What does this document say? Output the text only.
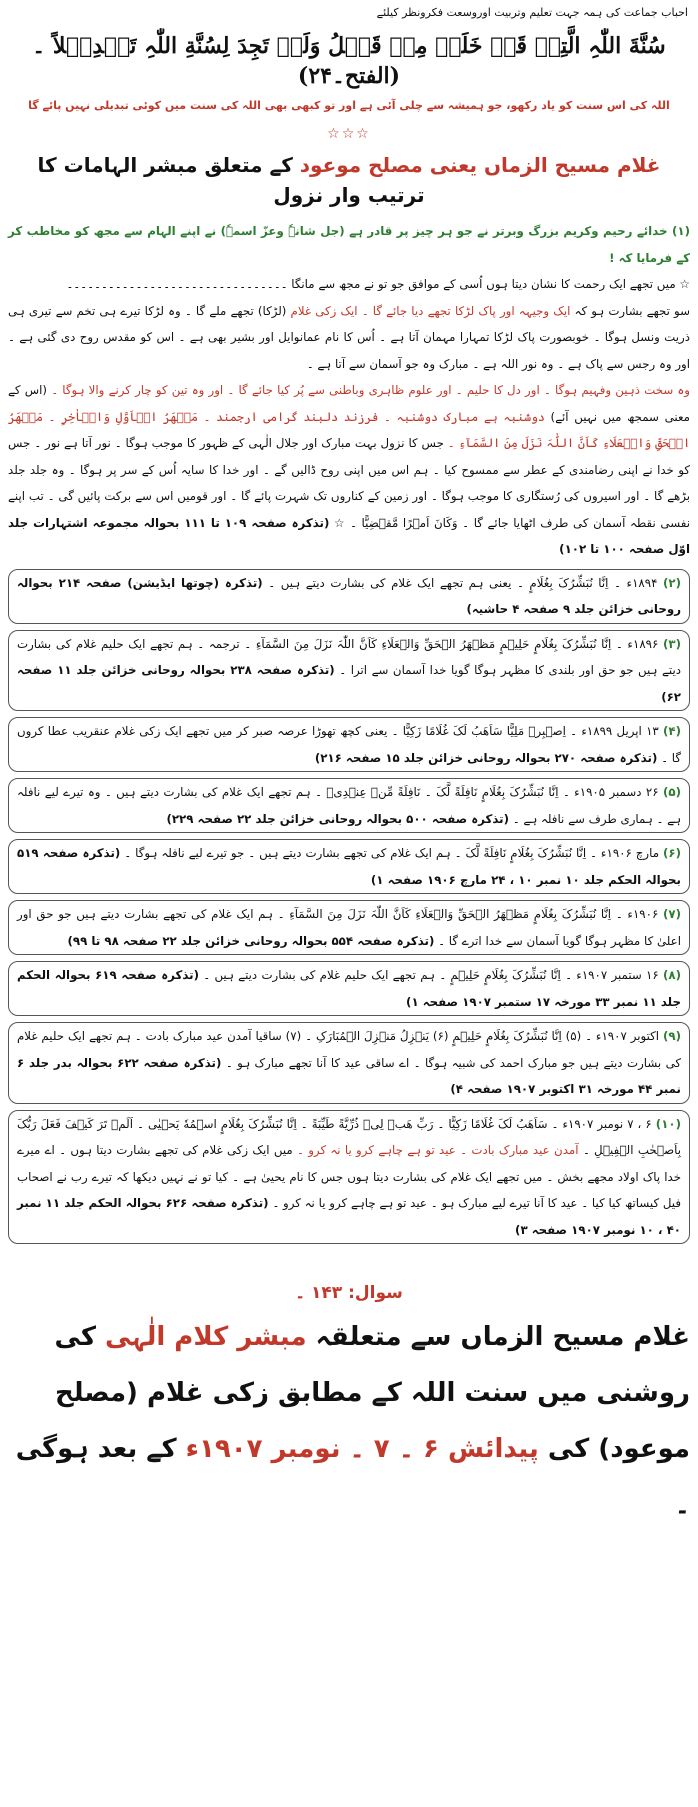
احباب جماعت کی ہمہ جہت تعلیم وتربیت اوروسعت فکرونظر کیلئے
سُنَّةَ اللّٰہِ الَّتِیۡ قَدۡ خَلَتۡ مِنۡ قَبۡلُ وَلَنۡ تَجِدَ لِسُنَّةِ اللّٰہِ تَبۡدِیۡلاً ۔ (الفتح۔۲۴)
اللہ کی اس سنت کو یاد رکھو، جو ہمیشہ سے چلی آئی ہے اور تو کبھی بھی اللہ کی سنت میں کوئی تبدیلی نہیں پائے گا
☆☆☆
غلام مسیح الزماں یعنی مصلح موعود کے متعلق مبشر الہامات کا ترتیب وار نزول
(۱) خدائے رحیم وکریم بزرگ وبرتر نے جو ہر چیز پر قادر ہے (جل شانہٗ وعزّ اسمہٗ) نے اپنے الہام سے مجھ کو مخاطب کر کے فرمایا کہ !
☆ میں تجھے ایک رحمت کا نشان دیتا ہوں اُسی کے موافق جو تو نے مجھ سے مانگا ۔۔۔۔۔۔۔۔۔۔۔۔۔۔۔۔۔۔۔۔۔۔۔۔۔۔۔۔۔۔۔۔
سو تجھے بشارت ہو کہ ایک وجیہہ اور پاک لڑکا تجھے دیا جائے گا ۔ ایک زکی غلام (لڑکا) تجھے ملے گا ۔ وہ لڑکا تیرے ہی تخم سے تیری ہی ذریت ونسل ہوگا ۔ خوبصورت پاک لڑکا تمہارا مہمان آتا ہے ۔ اُس کا نام عمانوایل اور بشیر بھی ہے ۔ اس کو مقدس روح دی گئی ہے ۔ اور وہ رجس سے پاک ہے ۔ وہ نور اللہ ہے ۔ مبارک وہ جو آسمان سے آتا ہے ۔
وہ سخت ذہین وفہیم ہوگا ۔ اور دل کا حلیم ۔ اور علوم ظاہری وباطنی سے پُر کیا جائے گا ۔ اور وہ تین کو چار کرنے والا ہوگا ۔ (اس کے معنی سمجھ میں نہیں آئے) دوشنبہ ہے مبارک دوشنبہ ۔ فرزند دلبند گرامی ارجمند ۔ مَظۡهَرُ الۡاَوَّلِ وَالۡاٰخِرِ ۔ مَظۡهَرُ الۡحَقِّ وَالۡعَلَاءِ کَاَنَّ اللّٰہَ نَزَلَ مِنَ السَّمَآءِ ۔ جس کا نزول بہت مبارک اور جلال الٰہی کے ظہور کا موجب ہوگا ۔ نور آتا ہے نور ۔ جس کو خدا نے اپنی رضامندی کے عطر سے ممسوح کیا ۔ ہم اس میں اپنی روح ڈالیں گے ۔ اور خدا کا سایہ اُس کے سر پر ہوگا ۔ وہ جلد جلد بڑھے گا ۔ اور اسیروں کی رُستگاری کا موجب ہوگا ۔ اور زمین کے کناروں تک شہرت پائے گا ۔ اور قومیں اس سے برکت پائیں گی ۔ تب اپنے نفسی نقطہ آسمان کی طرف اٹھایا جائے گا ۔ وَکَانَ اَمۡرًا مَّقۡضِیًّا ۔ ☆ (تذکرہ صفحہ ۱۰۹ تا ۱۱۱ بحوالہ مجموعہ اشتہارات جلد اوّل صفحہ ۱۰۰ تا ۱۰۲)
(۲) ۱۸۹۴ء ۔ اِنَّا نُبَشِّرُکَ بِغُلَامٍ ۔ یعنی ہم تجھے ایک غلام کی بشارت دیتے ہیں ۔ (تذکرہ (چوتھا ایڈیشن) صفحہ ۲۱۴ بحوالہ روحانی خزائن جلد ۹ صفحہ ۴ حاشیہ)
(۳) ۱۸۹۶ء ۔ اِنَّا نُبَشِّرُکَ بِغُلَامٍ حَلِیۡمٍ مَظۡهَرُ الۡحَقِّ وَالۡعَلَاءِ کَاَنَّ اللّٰہَ نَزَلَ مِنَ السَّمَآءِ ۔ ترجمہ ۔ ہم تجھے ایک حلیم غلام کی بشارت دیتے ہیں جو حق اور بلندی کا مظہر ہوگا گویا خدا آسمان سے اترا ۔ (تذکرہ صفحہ ۲۳۸ بحوالہ روحانی خزائن جلد ۱۱ صفحہ ۶۲)
(۴) ۱۳ اپریل ۱۸۹۹ء ۔ اِصۡبِرۡ مَلِیًّا سَاَهَبُ لَکَ غُلَامًا زَکِیًّا ۔ یعنی کچھ تھوڑا عرصہ صبر کر میں تجھے ایک زکی غلام عنقریب عطا کروں گا ۔ (تذکرہ صفحہ ۲۷۰ بحوالہ روحانی خزائن جلد ۱۵ صفحہ ۲۱۶)
(۵) ۲۶ دسمبر ۱۹۰۵ء ۔ اِنَّا نُبَشِّرُکَ بِغُلَامٍ نَافِلَةً لَّکَ ۔ نَافِلَةً مِّنۡ عِنۡدِیۡ ۔ ہم تجھے ایک غلام کی بشارت دیتے ہیں ۔ وہ تیرے لیے نافلہ ہے ۔ ہماری طرف سے نافلہ ہے ۔ (تذکرہ صفحہ ۵۰۰ بحوالہ روحانی خزائن جلد ۲۲ صفحہ ۲۲۹)
(۶) مارچ ۱۹۰۶ء ۔ اِنَّا نُبَشِّرُکَ بِغُلَامٍ نَافِلَةً لَّکَ ۔ ہم ایک غلام کی تجھے بشارت دیتے ہیں ۔ جو تیرے لیے نافلہ ہوگا ۔ (تذکرہ صفحہ ۵۱۹ بحوالہ الحکم جلد ۱۰ نمبر ۱۰ ، ۲۴ مارچ ۱۹۰۶ صفحہ ۱)
(۷) ۱۹۰۶ء ۔ اِنَّا نُبَشِّرُکَ بِغُلَامٍ مَظۡهَرُ الۡحَقِّ وَالۡعَلَاءِ کَاَنَّ اللّٰہَ نَزَلَ مِنَ السَّمَآءِ ۔ ہم ایک غلام کی تجھے بشارت دیتے ہیں جو حق اور اعلیٰ کا مظہر ہوگا گویا آسمان سے خدا اترے گا ۔ (تذکرہ صفحہ ۵۵۴ بحوالہ روحانی خزائن جلد ۲۲ صفحہ ۹۸ تا ۹۹)
(۸) ۱۶ ستمبر ۱۹۰۷ء ۔ اِنَّا نُبَشِّرُکَ بِغُلَامٍ حَلِیۡمٍ ۔ ہم تجھے ایک حلیم غلام کی بشارت دیتے ہیں ۔ (تذکرہ صفحہ ۶۱۹ بحوالہ الحکم جلد ۱۱ نمبر ۳۳ مورخہ ۱۷ ستمبر ۱۹۰۷ صفحہ ۱)
(۹) اکتوبر ۱۹۰۷ء ۔ (۵) اِنَّا نُبَشِّرُکَ بِغُلَامٍ حَلِیۡمٍ (۶) یَنۡزِلُ مَنۡزِلَ الۡمُبَارَکِ ۔ (۷) ساقیا آمدن عید مبارک بادت ۔ ہم تجھے ایک حلیم غلام کی بشارت دیتے ہیں جو مبارک احمد کی شبیہ ہوگا ۔ اے ساقی عید کا آنا تجھے مبارک ہو ۔ (تذکرہ صفحہ ۶۲۲ بحوالہ بدر جلد ۶ نمبر ۴۴ مورخہ ۳۱ اکتوبر ۱۹۰۷ صفحہ ۴)
(۱۰) ۶ ، ۷ نومبر ۱۹۰۷ء ۔ سَاَهَبُ لَکَ غُلَامًا زَکِیًّا ۔ رَبِّ هَبۡ لِیۡ ذُرِّیَّةً طَیِّبَةً ۔ اِنَّا نُبَشِّرُکَ بِغُلَامٍ اسۡمُهٗ یَحۡیٰی ۔ اَلَمۡ تَرَ کَیۡفَ فَعَلَ رَبُّکَ بِاَصۡحٰبِ الۡفِیۡلِ ۔ آمدن عید مبارک بادت ۔ عید تو ہے چاہے کرو یا نہ کرو ۔ میں ایک زکی غلام کی تجھے بشارت دیتا ہوں ۔ اے میرے خدا پاک اولاد مجھے بخش ۔ میں تجھے ایک غلام کی بشارت دیتا ہوں جس کا نام یحییٰ ہے ۔ کیا تو نے نہیں دیکھا کہ تیرے رب نے اصحاب فیل کیساتھ کیا کیا ۔ عید کا آنا تیرے لیے مبارک ہو ۔ عید تو ہے چاہے کرو یا نہ کرو ۔ (تذکرہ صفحہ ۶۲۶ بحوالہ الحکم جلد ۱۱ نمبر ۴۰ ، ۱۰ نومبر ۱۹۰۷ صفحہ ۳)
سوال: ۱۴۳ ۔
غلام مسیح الزماں سے متعلقہ مبشر کلام الٰہی کی روشنی میں سنت اللہ کے مطابق زکی غلام (مصلح موعود) کی پیدائش ۶ ۔ ۷ ۔ نومبر ۱۹۰۷ء کے بعد ہوگی ۔
